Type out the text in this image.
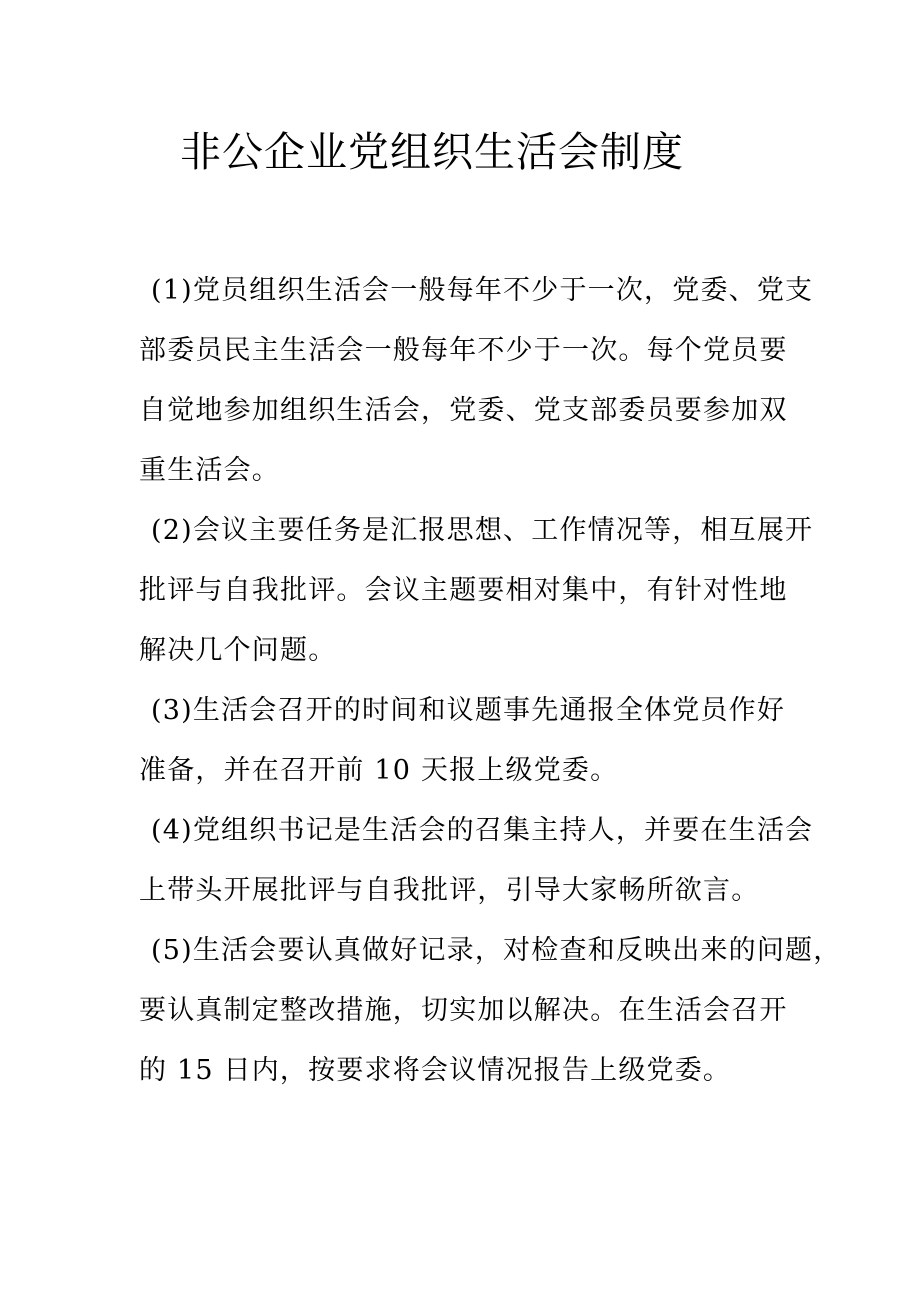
非公企业党组织生活会制度
(1)党员组织生活会一般每年不少于一次，党委、党支
部委员民主生活会一般每年不少于一次。每个党员要
自觉地参加组织生活会，党委、党支部委员要参加双
重生活会。
(2)会议主要任务是汇报思想、工作情况等，相互展开
批评与自我批评。会议主题要相对集中，有针对性地
解决几个问题。
(3)生活会召开的时间和议题事先通报全体党员作好
准备，并在召开前 10 天报上级党委。
(4)党组织书记是生活会的召集主持人，并要在生活会
上带头开展批评与自我批评，引导大家畅所欲言。
(5)生活会要认真做好记录，对检查和反映出来的问题，
要认真制定整改措施，切实加以解决。在生活会召开
的 15 日内，按要求将会议情况报告上级党委。
